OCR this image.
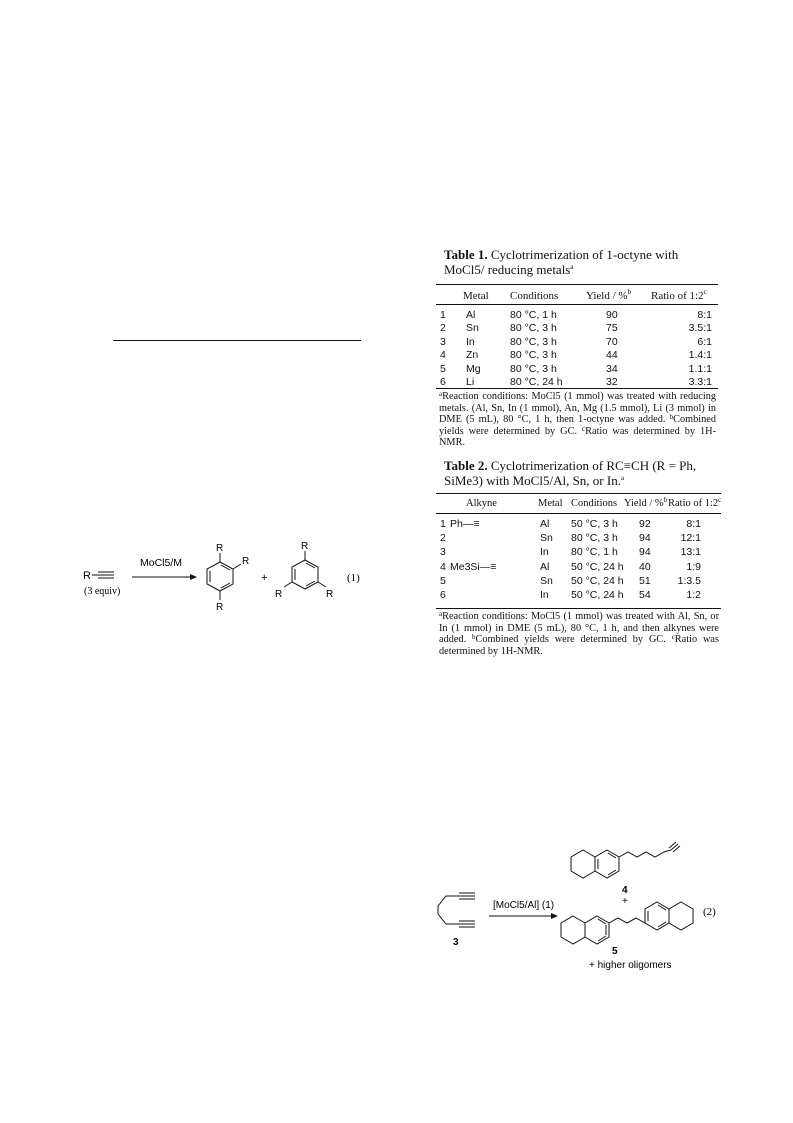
Table 1. Cyclotrimerization of 1-octyne with MoCl5/ reducing metals$^a$
Metal Conditions	Yield / %$^b$ Ratio of 1:2$^c$
1 Al	80 °C, 1 h	90	8:1
2 Sn	80 °C, 3 h	75	3.5:1
3 In	80 °C, 3 h	70	6:1
4 Zn	80 °C, 3 h	44	1.4:1
5 Mg	80 °C, 3 h	34	1.1:1
6 Li	80 °C, 24 h	32	3.3:1
$^a$Reaction conditions: MoCl5 (1 mmol) was treated with reducing metals. (Al, Sn, In (1 mmol), An, Mg (1.5 mmol), Li (3 mmol) in DME (5 mL), 80 °C, 1 h, then 1-octyne was added. $^b$Combined yields were determined by GC. $^c$Ratio was determined by 1H-NMR.
Table 2. Cyclotrimerization of RC≡CH (R = Ph, SiMe3) with MoCl5/Al, Sn, or In.$^a$
Alkyne	Metal Conditions Yield / %$^b$ Ratio of 1:2$^c$
1 Ph—≡	Al 50 °C, 3 h 92	8:1
2	Sn 80 °C, 3 h 94	12:1
3	In 80 °C, 1 h 94	13:1
4 Me3Si—≡	Al 50 °C, 24 h 40	1:9
5	Sn 50 °C, 24 h 51	1:3.5
6	In 50 °C, 24 h 54	1:2
$^a$Reaction conditions: MoCl5 (1 mmol) was treated with Al, Sn, or In (1 mmol) in DME (5 mL), 80 °C, 1 h, and then alkynes were added. $^b$Combined yields were determined by GC. $^c$Ratio was determined by 1H-NMR.
R
(3 equiv)
MoCl5/M
R
R
R
+
R
R	R
(1)
3
[MoCl5/Al] (1)
4
+
5
+ higher oligomers
(2)
